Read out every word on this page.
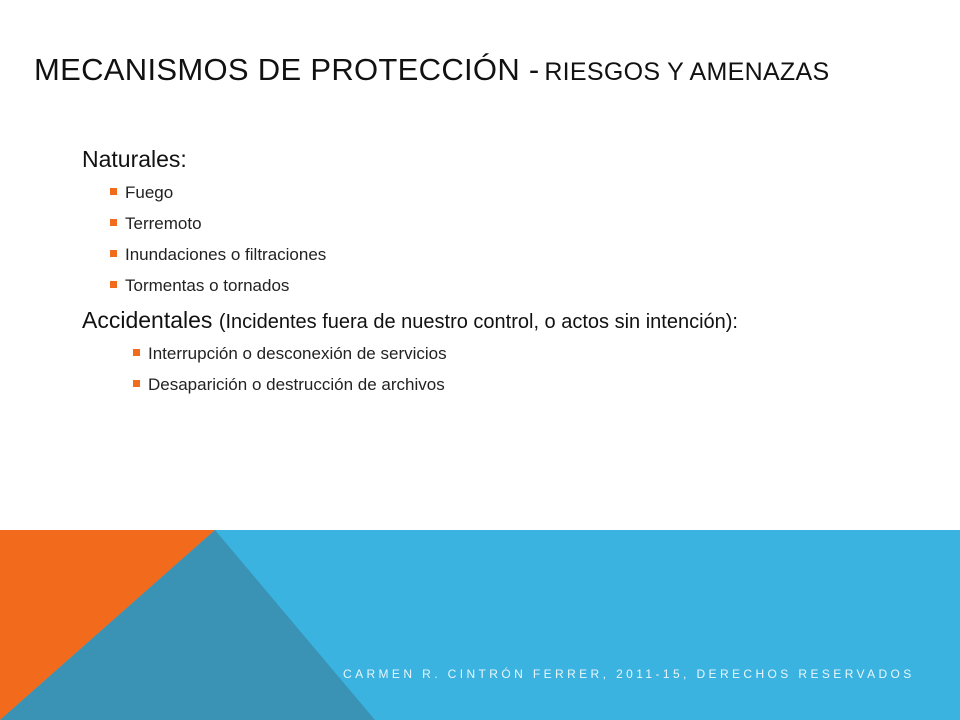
MECANISMOS DE PROTECCIÓN - RIESGOS Y AMENAZAS
Naturales:
Fuego
Terremoto
Inundaciones o filtraciones
Tormentas o tornados
Accidentales (Incidentes fuera de nuestro control, o actos sin intención):
Interrupción o desconexión de servicios
Desaparición o destrucción de archivos
CARMEN R. CINTRÓN FERRER, 2011-15, DERECHOS RESERVADOS
